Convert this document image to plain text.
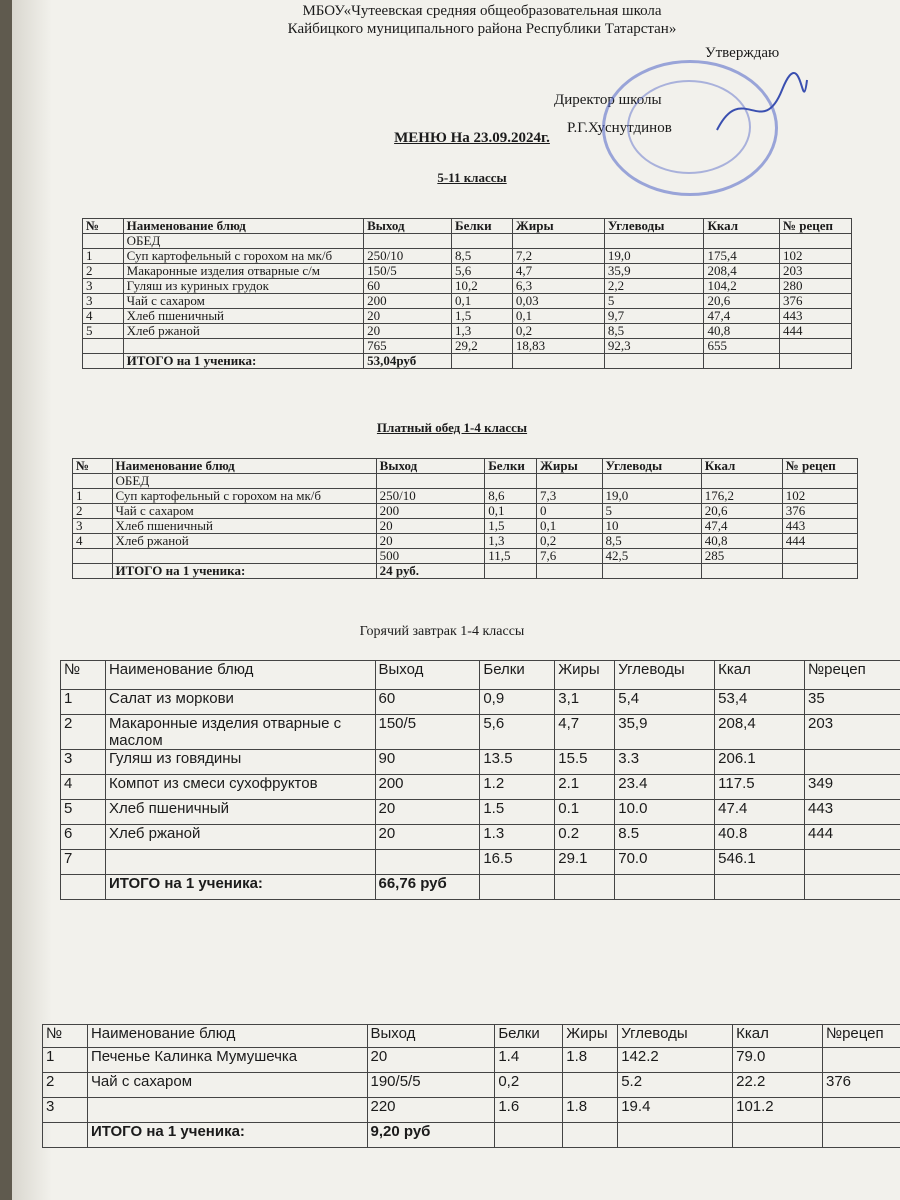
МБОУ«Чутеевская средняя общеобразовательная школа
Кайбицкого муниципального района Республики Татарстан»
Утверждаю
Директор школы
Р.Г.Хуснутдинов
МЕНЮ На 23.09.2024г.
5-11 классы
№	Наименование блюд	Выход	Белки	Жиры	Углеводы	Ккал	№ рецеп
	ОБЕД						
1	Суп картофельный с горохом на мк/б	250/10	8,5	7,2	19,0	175,4	102
2	Макаронные изделия отварные с/м	150/5	5,6	4,7	35,9	208,4	203
3	Гуляш из куриных грудок	60	10,2	6,3	2,2	104,2	280
3	Чай с сахаром	200	0,1	0,03	5	20,6	376
4	Хлеб пшеничный	20	1,5	0,1	9,7	47,4	443
5	Хлеб ржаной	20	1,3	0,2	8,5	40,8	444
		765	29,2	18,83	92,3	655	
	ИТОГО на 1 ученика:	53,04руб					
Платный обед 1-4 классы
№	Наименование блюд	Выход	Белки	Жиры	Углеводы	Ккал	№ рецеп
	ОБЕД						
1	Суп картофельный с горохом на мк/б	250/10	8,6	7,3	19,0	176,2	102
2	Чай с сахаром	200	0,1	0	5	20,6	376
3	Хлеб пшеничный	20	1,5	0,1	10	47,4	443
4	Хлеб ржаной	20	1,3	0,2	8,5	40,8	444
		500	11,5	7,6	42,5	285	
	ИТОГО на 1 ученика:	24 руб.					
Горячий завтрак 1-4 классы
№	Наименование блюд	Выход	Белки	Жиры	Углеводы	Ккал	№рецеп
1	Салат из моркови	60	0,9	3,1	5,4	53,4	35
2	Макаронные изделия отварные с маслом	150/5	5,6	4,7	35,9	208,4	203
3	Гуляш из говядины	90	13.5	15.5	3.3	206.1	
4	Компот из смеси сухофруктов	200	1.2	2.1	23.4	117.5	349
5	Хлеб пшеничный	20	1.5	0.1	10.0	47.4	443
6	Хлеб ржаной	20	1.3	0.2	8.5	40.8	444
7			16.5	29.1	70.0	546.1	
	ИТОГО на 1 ученика:	66,76 руб					
№	Наименование блюд	Выход	Белки	Жиры	Углеводы	Ккал	№рецеп
1	Печенье Калинка Мумушечка	20	1.4	1.8	142.2	79.0	
2	Чай с сахаром	190/5/5	0,2		5.2	22.2	376
3		220	1.6	1.8	19.4	101.2	
	ИТОГО на 1 ученика:	9,20 руб					
